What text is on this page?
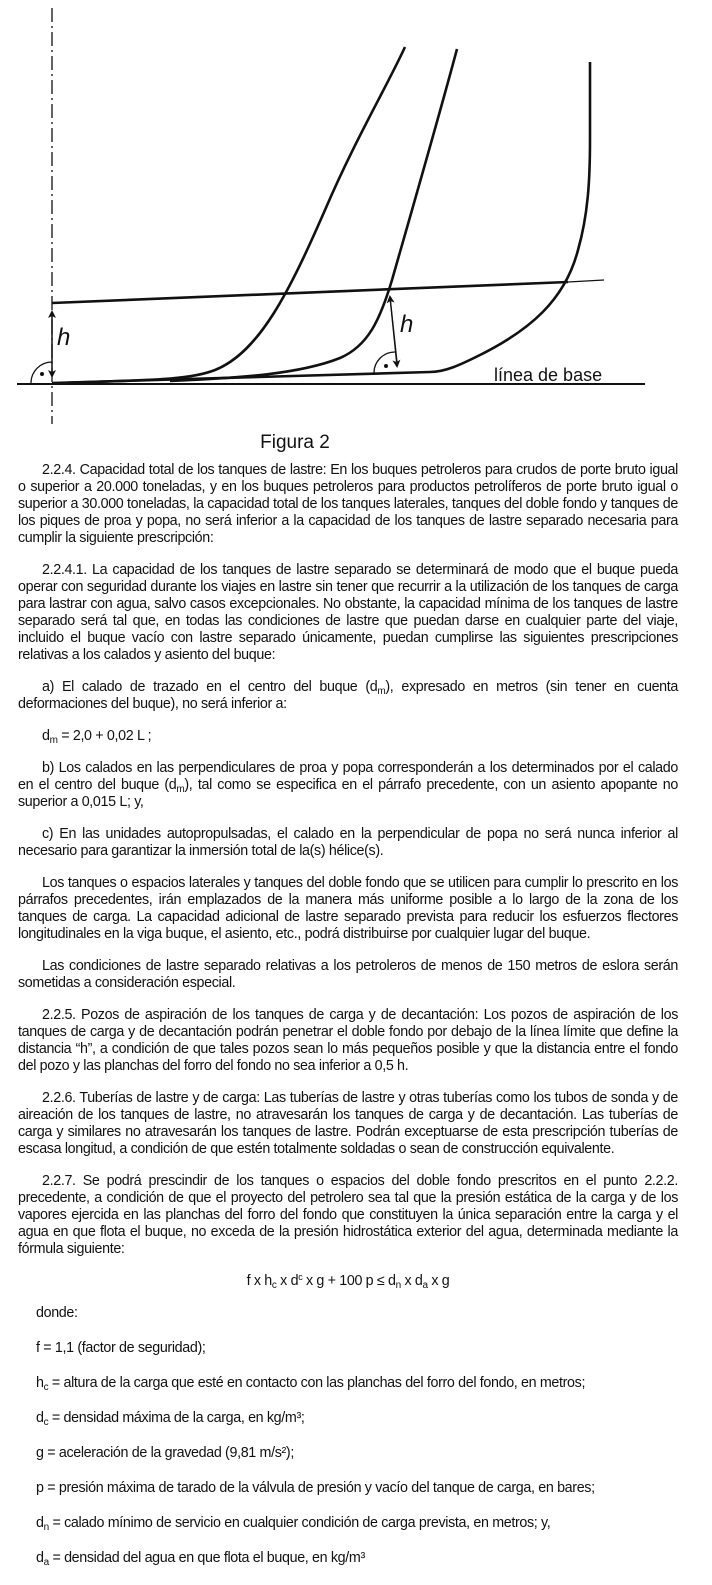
h	h
línea de base
Figura 2

2.2.4. Capacidad total de los tanques de lastre: En los buques petroleros para crudos de porte bruto igual o superior a 20.000 toneladas, y en los buques petroleros para productos petrolíferos de porte bruto igual o superior a 30.000 toneladas, la capacidad total de los tanques laterales, tanques del doble fondo y tanques de los piques de proa y popa, no será inferior a la capacidad de los tanques de lastre separado necesaria para cumplir la siguiente prescripción:

2.2.4.1. La capacidad de los tanques de lastre separado se determinará de modo que el buque pueda operar con seguridad durante los viajes en lastre sin tener que recurrir a la utilización de los tanques de carga para lastrar con agua, salvo casos excepcionales. No obstante, la capacidad mínima de los tanques de lastre separado será tal que, en todas las condiciones de lastre que puedan darse en cualquier parte del viaje, incluido el buque vacío con lastre separado únicamente, puedan cumplirse las siguientes prescripciones relativas a los calados y asiento del buque:

a) El calado de trazado en el centro del buque $(d_m)$, expresado en metros (sin tener en cuenta deformaciones del buque), no será inferior a:

$d_m = 2,0 + 0,02$ L ;

b) Los calados en las perpendiculares de proa y popa corresponderán a los determinados por el calado en el centro del buque $(d_m)$, tal como se especifica en el párrafo precedente, con un asiento apopante no superior a 0,015 L; y,

c) En las unidades autopropulsadas, el calado en la perpendicular de popa no será nunca inferior al necesario para garantizar la inmersión total de la(s) hélice(s).

Los tanques o espacios laterales y tanques del doble fondo que se utilicen para cumplir lo prescrito en los párrafos precedentes, irán emplazados de la manera más uniforme posible a lo largo de la zona de los tanques de carga. La capacidad adicional de lastre separado prevista para reducir los esfuerzos flectores longitudinales en la viga buque, el asiento, etc., podrá distribuirse por cualquier lugar del buque.

Las condiciones de lastre separado relativas a los petroleros de menos de 150 metros de eslora serán sometidas a consideración especial.

2.2.5. Pozos de aspiración de los tanques de carga y de decantación: Los pozos de aspiración de los tanques de carga y de decantación podrán penetrar el doble fondo por debajo de la línea límite que define la distancia “h”, a condición de que tales pozos sean lo más pequeños posible y que la distancia entre el fondo del pozo y las planchas del forro del fondo no sea inferior a 0,5 h.

2.2.6. Tuberías de lastre y de carga: Las tuberías de lastre y otras tuberías como los tubos de sonda y de aireación de los tanques de lastre, no atravesarán los tanques de carga y de decantación. Las tuberías de carga y similares no atravesarán los tanques de lastre. Podrán exceptuarse de esta prescripción tuberías de escasa longitud, a condición de que estén totalmente soldadas o sean de construcción equivalente.

2.2.7. Se podrá prescindir de los tanques o espacios del doble fondo prescritos en el punto 2.2.2. precedente, a condición de que el proyecto del petrolero sea tal que la presión estática de la carga y de los vapores ejercida en las planchas del forro del fondo que constituyen la única separación entre la carga y el agua en que flota el buque, no exceda de la presión hidrostática exterior del agua, determinada mediante la fórmula siguiente:

f x $h_c$ x $d^c$ x g + 100 $p \le d_n$ x $d_a$ x g

donde:

f = 1,1 (factor de seguridad);

$h_c$ = altura de la carga que esté en contacto con las planchas del forro del fondo, en metros;

$d_c$ = densidad máxima de la carga, en kg/m³;

g = aceleración de la gravedad (9,81 m/s²);

p = presión máxima de tarado de la válvula de presión y vacío del tanque de carga, en bares;

$d_n$ = calado mínimo de servicio en cualquier condición de carga prevista, en metros; y,

$d_a$ = densidad del agua en que flota el buque, en kg/m³
